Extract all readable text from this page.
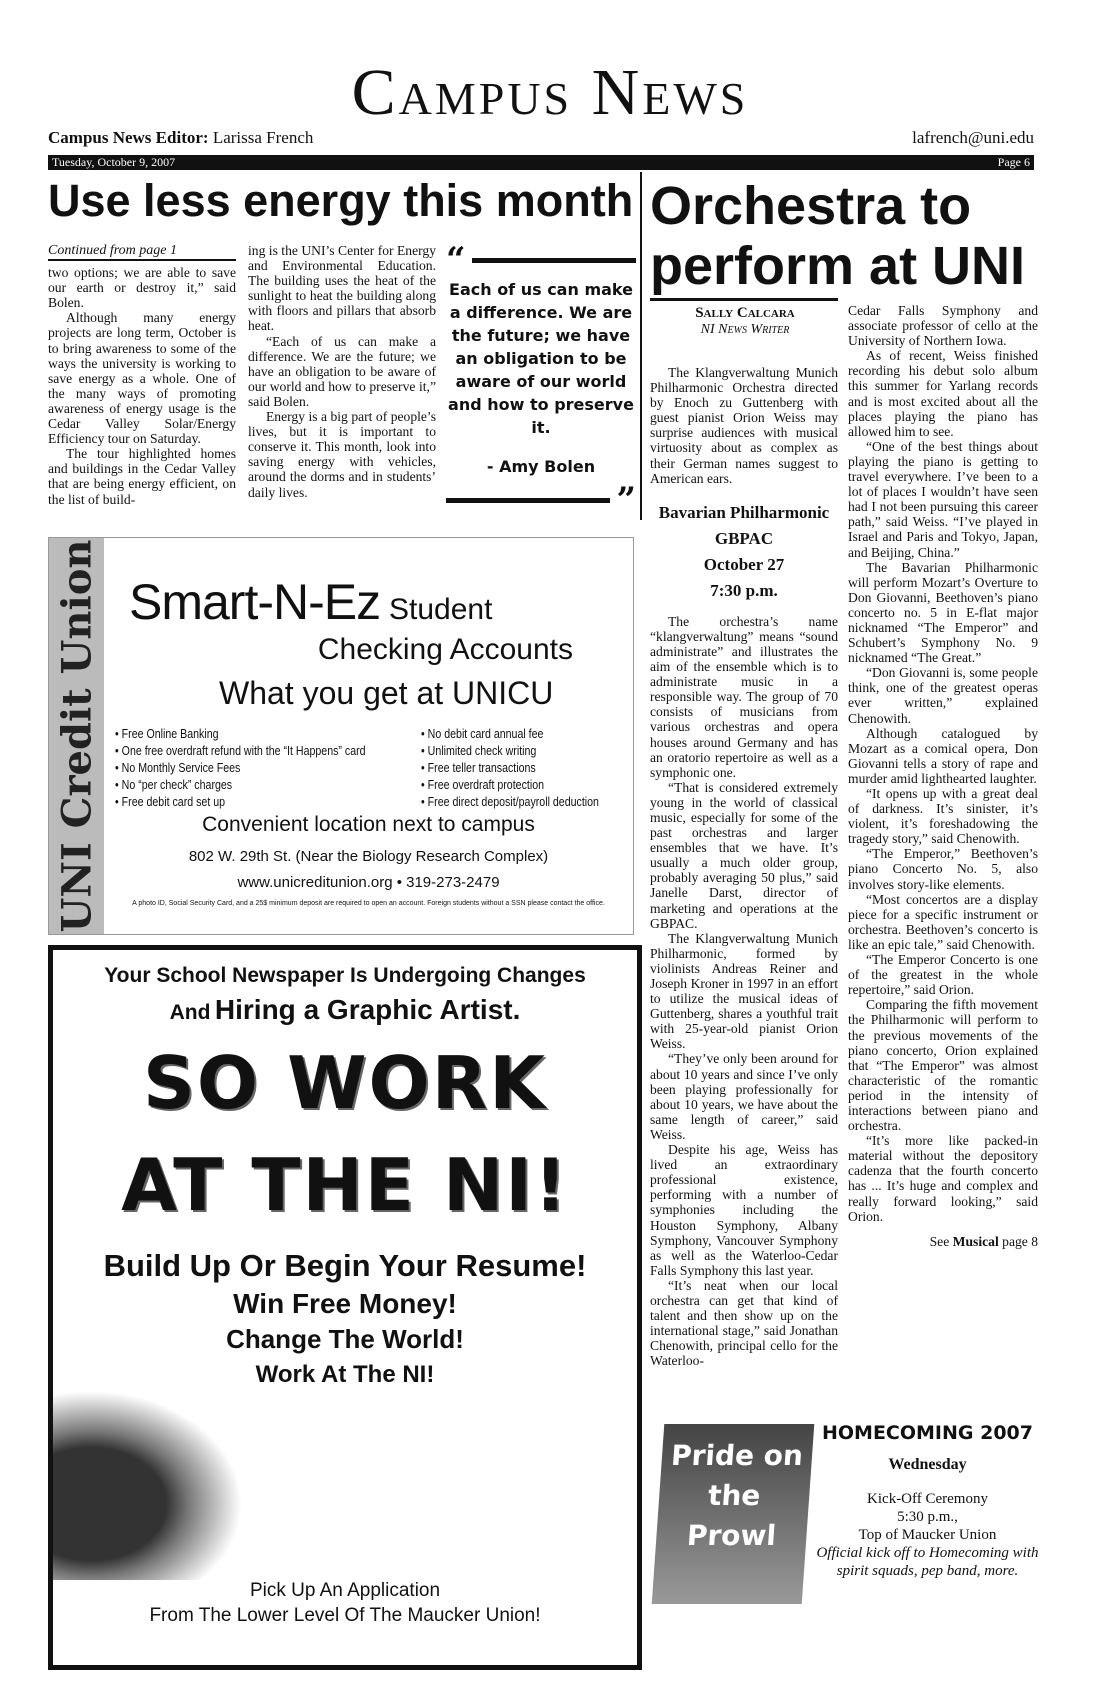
Campus News
Campus News Editor: Larissa French	lafrench@uni.edu
Tuesday, October 9, 2007	Page 6
Use less energy this month Orchestra to perform at UNI
Continued from page 1

two options; we are able to save our earth or destroy it,” said Bolen.

Although many energy projects are long term, October is to bring awareness to some of the ways the university is working to save energy as a whole. One of the many ways of promoting awareness of energy usage is the Cedar Valley Solar/Energy Efficiency tour on Saturday.

The tour highlighted homes and buildings in the Cedar Valley that are being energy efficient, on the list of build-

ing is the UNI’s Center for Energy and Environmental Education. The building uses the heat of the sunlight to heat the building along with floors and pillars that absorb heat.

“Each of us can make a difference. We are the future; we have an obligation to be aware of our world and how to preserve it,” said Bolen.

Energy is a big part of people’s lives, but it is important to conserve it. This month, look into saving energy with vehicles, around the dorms and in students’ daily lives.

“
Each of us can make a difference. We are the future; we have an obligation to be aware of our world and how to preserve it.
- Amy Bolen
”
UNI Credit Union Smart-N-Ez Student
Checking Accounts
What you get at UNICU
• Free Online Banking
• One free overdraft refund with the “It Happens” card
• No Monthly Service Fees
• No “per check” charges
• Free debit card set up
• No debit card annual fee
• Unlimited check writing
• Free teller transactions
• Free overdraft protection
• Free direct deposit/payroll deduction
Convenient location next to campus
802 W. 29th St. (Near the Biology Research Complex)
www.unicreditunion.org • 319-273-2479
A photo ID, Social Security Card, and a 25$ minimum deposit are required to open an account. Foreign students without a SSN please contact the office.
Your School Newspaper Is Undergoing Changes
And Hiring a Graphic Artist.
SO WORK
AT THE NI!
Build Up Or Begin Your Resume!
Win Free Money!
Change The World!
Work At The NI!
Pick Up An Application
From The Lower Level Of The Maucker Union!
Sally Calcara
NI News Writer

The Klangverwaltung Munich Philharmonic Orchestra directed by Enoch zu Guttenberg with guest pianist Orion Weiss may surprise audiences with musical virtuosity about as complex as their German names suggest to American ears.

Bavarian Philharmonic
GBPAC
October 27
7:30 p.m.

The orchestra’s name “klangverwaltung” means “sound administrate” and illustrates the aim of the ensemble which is to administrate music in a responsible way. The group of 70 consists of musicians from various orchestras and opera houses around Germany and has an oratorio repertoire as well as a symphonic one.

“That is considered extremely young in the world of classical music, especially for some of the past orchestras and larger ensembles that we have. It’s usually a much older group, probably averaging 50 plus,” said Janelle Darst, director of marketing and operations at the GBPAC.

The Klangverwaltung Munich Philharmonic, formed by violinists Andreas Reiner and Joseph Kroner in 1997 in an effort to utilize the musical ideas of Guttenberg, shares a youthful trait with 25-year-old pianist Orion Weiss.

“They’ve only been around for about 10 years and since I’ve only been playing professionally for about 10 years, we have about the same length of career,” said Weiss.

Despite his age, Weiss has lived an extraordinary professional existence, performing with a number of symphonies including the Houston Symphony, Albany Symphony, Vancouver Symphony as well as the Waterloo-Cedar Falls Symphony this last year.

“It’s neat when our local orchestra can get that kind of talent and then show up on the international stage,” said Jonathan Chenowith, principal cello for the Waterloo-

Cedar Falls Symphony and associate professor of cello at the University of Northern Iowa.

As of recent, Weiss finished recording his debut solo album this summer for Yarlang records and is most excited about all the places playing the piano has allowed him to see.

“One of the best things about playing the piano is getting to travel everywhere. I’ve been to a lot of places I wouldn’t have seen had I not been pursuing this career path,” said Weiss. “I’ve played in Israel and Paris and Tokyo, Japan, and Beijing, China.”

The Bavarian Philharmonic will perform Mozart’s Overture to Don Giovanni, Beethoven’s piano concerto no. 5 in E-flat major nicknamed “The Emperor” and Schubert’s Symphony No. 9 nicknamed “The Great.”

“Don Giovanni is, some people think, one of the greatest operas ever written,” explained Chenowith.

Although catalogued by Mozart as a comical opera, Don Giovanni tells a story of rape and murder amid lighthearted laughter.

“It opens up with a great deal of darkness. It’s sinister, it’s violent, it’s foreshadowing the tragedy story,” said Chenowith.

“The Emperor,” Beethoven’s piano Concerto No. 5, also involves story-like elements.

“Most concertos are a display piece for a specific instrument or orchestra. Beethoven’s concerto is like an epic tale,” said Chenowith.

“The Emperor Concerto is one of the greatest in the whole repertoire,” said Orion.

Comparing the fifth movement the Philharmonic will perform to the previous movements of the piano concerto, Orion explained that “The Emperor” was almost characteristic of the romantic period in the intensity of interactions between piano and orchestra.

“It’s more like packed-in material without the depository cadenza that the fourth concerto has ... It’s huge and complex and really forward looking,” said Orion.

See Musical page 8
Pride on the Prowl
HOMECOMING 2007
Wednesday
Kick-Off Ceremony
5:30 p.m.,
Top of Maucker Union
Official kick off to Homecoming with spirit squads, pep band, more.
